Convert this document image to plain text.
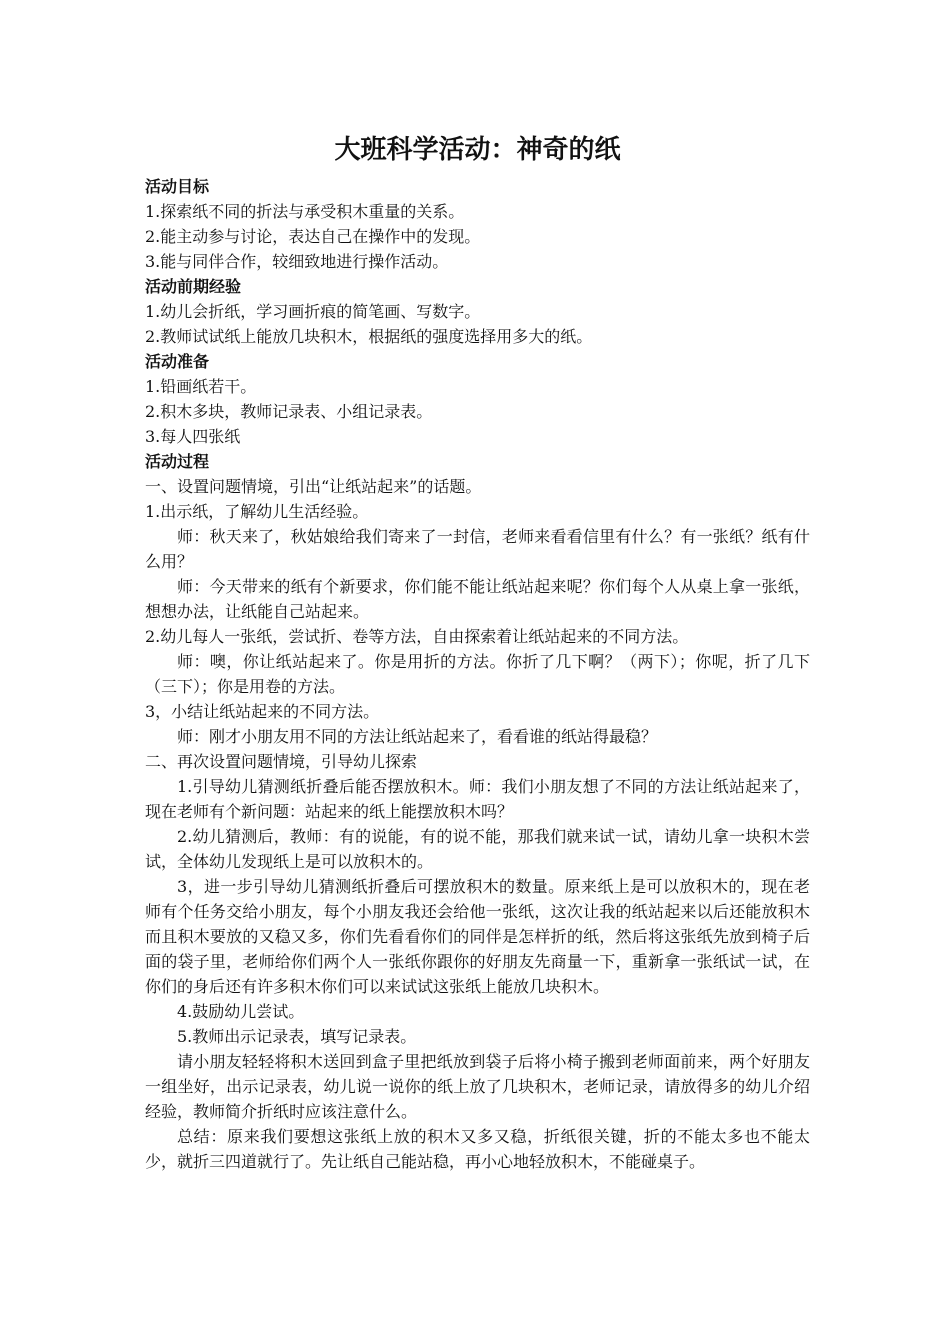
大班科学活动：神奇的纸
活动目标
1.探索纸不同的折法与承受积木重量的关系。
2.能主动参与讨论，表达自己在操作中的发现。
3.能与同伴合作，较细致地进行操作活动。
活动前期经验
1.幼儿会折纸，学习画折痕的简笔画、写数字。
2.教师试试纸上能放几块积木，根据纸的强度选择用多大的纸。
活动准备
1.铅画纸若干。
2.积木多块，教师记录表、小组记录表。
3.每人四张纸
活动过程
一、设置问题情境，引出“让纸站起来”的话题。
1.出示纸，了解幼儿生活经验。
师：秋天来了，秋姑娘给我们寄来了一封信，老师来看看信里有什么？有一张纸？纸有什么用？
师：今天带来的纸有个新要求，你们能不能让纸站起来呢？你们每个人从桌上拿一张纸，想想办法，让纸能自己站起来。
2.幼儿每人一张纸，尝试折、卷等方法，自由探索着让纸站起来的不同方法。
师：噢，你让纸站起来了。你是用折的方法。你折了几下啊？（两下）；你呢，折了几下（三下）；你是用卷的方法。
3，小结让纸站起来的不同方法。
师：刚才小朋友用不同的方法让纸站起来了，看看谁的纸站得最稳？
二、再次设置问题情境，引导幼儿探索
1.引导幼儿猜测纸折叠后能否摆放积木。师：我们小朋友想了不同的方法让纸站起来了，现在老师有个新问题：站起来的纸上能摆放积木吗？
2.幼儿猜测后，教师：有的说能，有的说不能，那我们就来试一试，请幼儿拿一块积木尝试，全体幼儿发现纸上是可以放积木的。
3，进一步引导幼儿猜测纸折叠后可摆放积木的数量。原来纸上是可以放积木的，现在老师有个任务交给小朋友，每个小朋友我还会给他一张纸，这次让我的纸站起来以后还能放积木而且积木要放的又稳又多，你们先看看你们的同伴是怎样折的纸，然后将这张纸先放到椅子后面的袋子里，老师给你们两个人一张纸你跟你的好朋友先商量一下，重新拿一张纸试一试，在你们的身后还有许多积木你们可以来试试这张纸上能放几块积木。
4.鼓励幼儿尝试。
5.教师出示记录表，填写记录表。
请小朋友轻轻将积木送回到盒子里把纸放到袋子后将小椅子搬到老师面前来，两个好朋友一组坐好，出示记录表，幼儿说一说你的纸上放了几块积木，老师记录，请放得多的幼儿介绍经验，教师简介折纸时应该注意什么。
总结：原来我们要想这张纸上放的积木又多又稳，折纸很关键，折的不能太多也不能太少，就折三四道就行了。先让纸自己能站稳，再小心地轻放积木，不能碰桌子。
